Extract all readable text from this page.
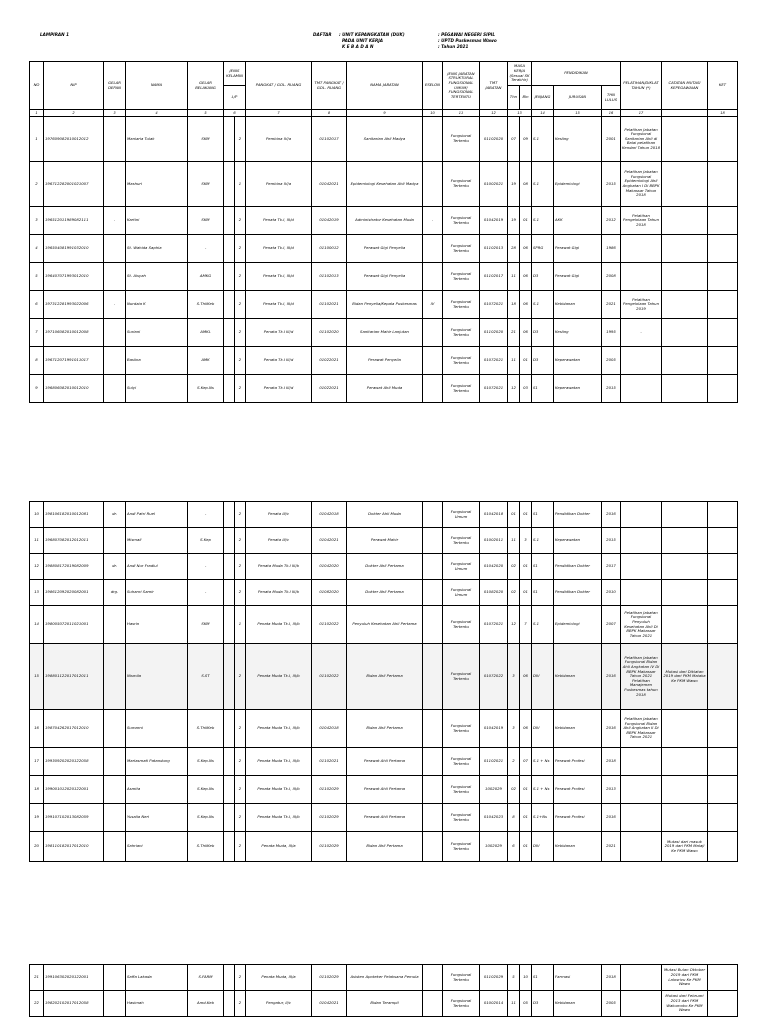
LAMPIRAN 1	DAFTAR : UNIT KEPANGKATAN (DUK)
PADA UNIT KERJA
K E B A D A N
: PEGAWAI NEGERI SIPIL
: UPTD Puskesmas Wawo
: Tahun 2021
NO	NIP	GELAR DEPAN	NAMA	GELAR BELAKANG	JENIS KELAMIN		PANGKAT / GOL. RUANG	TMT PANGKAT / GOL. RUANG	NAMA JABATAN	ESELON	JENIS JABATAN STRUKTURAL FUNGSIONAL UMUM/ FUNGSIONAL TERTENTU	TMT JABATAN	MASA KERJA (Sesuai SK Terakhir)		PENDIDIKAN			PELATIHAN/DIKLAT TAHUN (*)	CATATAN MUTASI KEPEGAWAIAN	KET
					L/P								Thn	Bln	JENJANG	JURUSAN	THN LULUS			
1	2	3	4	5	6		7	8	9	10	11	12	13		14	15	16	17		18
1	197609082010012012		Maniaria Tulak	SKM		2	Pembina IV/a	01102017	Sanitarian Ahli Madya		Fungsional Tertentu	01102020	07	09	S.1	Kesling	2001	Pelatihan Jabatan Fungsional Sanitarian Ahli di Balai pelatihan Kendari Tahun 2018		
2	196712282001021007		Mashuri	SKM		1	Pembina IV/a	01042021	Epidemiologi Kesehatan Ahli Madya		Fungsional Tertentu	01002021	19	08	S.1	Epidemiologi	2015	Pelatihan Jabatan Fungsional Epidemiologi Ahli Angkatan I Di BBPK Makassar Tahun 2018		
3	196512011989082111	.	Kartini	SKM		2	Penata Tk.I, III/d	01042019	Administrator Kesehatan Muda	.	Fungsional Tertentu	01042019	19	01	S.1	AKK	2012	Pelatihan Pengelolaan Tahun 2018		
4	196504081991032010		St. Wahida Saphia	-		2	Penata Tk.I, III/d	01100012	Perawat Gigi Penyelia		Fungsional Tertentu	01102013	28	06	SPRG	Perawat Gigi	1986			
5	196407071993012010		St. Aisyah	AMKG		2	Penata Tk.I, III/d	01102013	Perawat Gigi Penyelia		Fungsional Tertentu	01102017	11	06	D3	Perawat Gigi	2008			
6	197312281993022006	.	Nurdaia K	S.ThilKeb		2	Penata Tk.I, III/d	01102021	Bidan Penyelia/Kepala Puskesmas	IV	Fungsional Tertentu	01072021	18	06	S.1	Kebidanan	2021	Pelatihan Pengelolaan Tahun 2019		
7	197106082010012008		Suriani	AMKL		2	Penata Tk.I III/d	01102020	Sanitarian Mahir Lanjutan		Fungsional Tertentu	01102020	21	06	D3	Kesling	1995	-		
8	196712071991011017		Basiina	AMK		2	Penata Tk.I III/d	01022021	Perawat Penyelia		Fungsional Tertentu	01072021	11	01	D3	Keperawatan	2005			
9	196806082010012010		Sulyi	S.Kep.Ns		2	Penata Tk.I III/d	01022021	Perawat Ahli Muda		Fungsional Tertentu	01072021	12	03	S1	Keperawatan	2015			
10	198106182010012081	dr.	Andi Patri Ruel	-		2	Penata III/c	01042018	Dokter Ahli Muda		Fungsional Umum	01042018	01	01	S1	Pendidikan Dokter	2016			
11	196807082012012011		Mismali	S.Kep		2	Penata III/c	01042021	Perawat Mahir		Fungsional Tertentu	01002011	11	3	S.1	Keperawatan	2015			
12	198808172019082009	dr.	Andi Nur Fradiul	-		2	Penata Muda Tk.I III/b	01042020	Dokter Ahli Pertama		Fungsional Umum	01042020	02	01	S1	Pendidikan Dokter	2017			
13	198612092020082001	drg.	Suhanri Samir	-		2	Penata Muda Tk.I III/b	01082020	Dokter Ahli Pertama		Fungsional Umum	01082020	02	01	S1	Pendidikan Dokter	2010			
14	198005072011021001		Hasrin	SKM		1	Penata Muda Tk.I, III/b	01102022	Penyuluh Kesehatan Ahli Pertama		Fungsional Tertentu	01072021	12	7	S.1	Epidemiologi	2007	Pelatihan Jabatan Fungsional Penyuluh Kesehatan Ahli Di BBPK Makassar Tahun 2021		
15	198801122017012011		Nismila	S.ST		2	Penata Muda Tk.I, III/b	01102022	Bidan Ahli Pertama		Fungsional Tertentu	01072022	3	06	DIV	Kebidanan	2016	Pelatihan Jabatan Fungsional Bidan Ahli Angkatan IV Di BBPK Makassar Tahun 2021 Pelatihan Manajemen Puskesmas tahun 2018	Mutasi dari Diklatan 2019 dari PKM Malaka Ke PKM Wawo	
16	198704262017012010		Sumarni	S.ThilKeb		2	Penata Muda Tk.I, III/b	01042018	Bidan Ahli Pertama		Fungsional Tertentu	01042019	3	06	DIV	Kebidanan	2016	Pelatihan Jabatan Fungsional Bidan Ahli Angkatan II Di BBPK Makassar Tahun 2021		
17	199309202020122058		Marlasmati Patandung	S.Kep.Ns		2	Penata Muda Tk.I, III/b	01102021	Perawat Ahli Pertama		Fungsional Tertentu	01102021	2	07	S.1 + Ns	Perawat Profesi	2018			
18	199001012020122001		Asmita	S.Kep.Ns		2	Penata Muda Tk.I, III/b	01102029	Perawat Ahli Pertama		Fungsional Tertentu	1002029	02	01	S.1 + Ns	Perawat Profesi	2013			
19	199107102013082059		Yusalia Neri	S.Kep.Ns		2	Penata Muda Tk.I, III/b	01102029	Perawat Ahli Pertama		Fungsional Tertentu	01042023	8	01	S.1+Ns	Perawat Profesi	2016			
20	198110182017012010		Sahriani	S.ThilKeb		2	Penata Muda, III/a	01102029	Bidan Ahli Pertama		Fungsional Tertentu	1002029	6	01	DIV	Kebidanan	2021		Mutasi dari masuk 2019 dari PKM Malaji Ke PKM Wawo	
21	199106302020122001		Saffa Lakada	S.FARM		2	Penata Muda, III/a	01102029	Asisten Apoteker Pelaksana Pemula		Fungsional Tertentu	01102029	5	10	S1	Farmasi	2018		Mutasi Bulan Oktober 2019 dari PKM Lalosrivu Ke PKM Wawo	
22	198202102017012058		Hasimah	Amd.Keb		2	Pengatur, II/c	01042021	Bidan Terampil		Fungsional Tertentu	01002014	11	05	D3	Kebidanan	2005		Mutasi dari Februari 2013 dari PKM Wakumoko Ke PKM Wawo	
